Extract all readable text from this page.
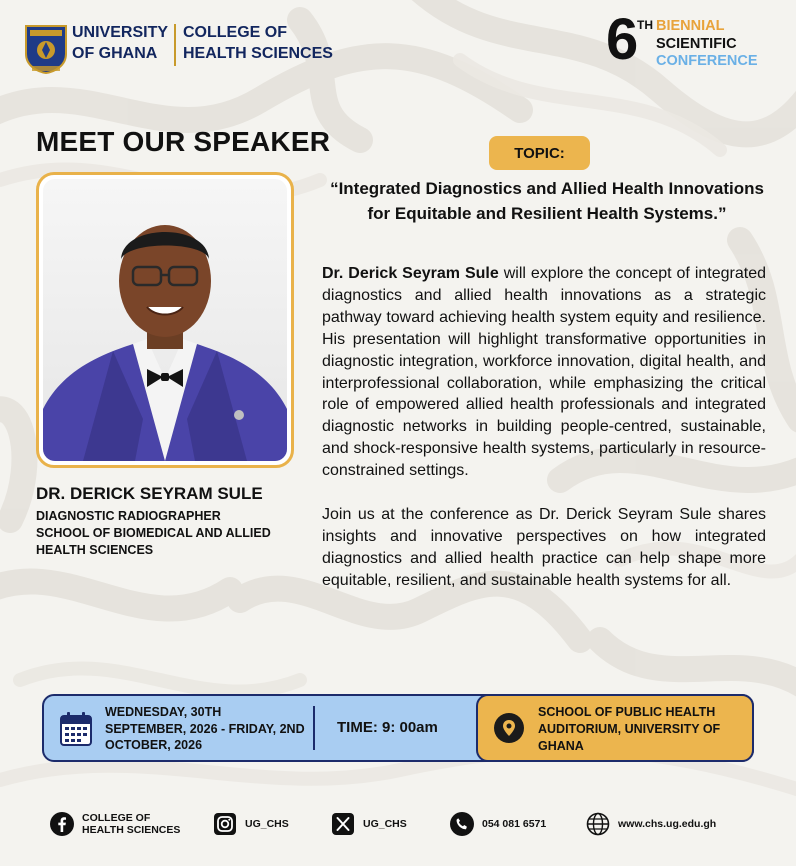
UNIVERSITY
OF GHANA
COLLEGE OF
HEALTH SCIENCES	6
TH BIENNIAL
SCIENTIFIC
CONFERENCE
MEET OUR SPEAKER
DR. DERICK SEYRAM SULE
DIAGNOSTIC RADIOGRAPHER
SCHOOL OF BIOMEDICAL AND ALLIED HEALTH SCIENCES
TOPIC:
“Integrated Diagnostics and Allied Health Innovations for Equitable and Resilient Health Systems.”

Dr. Derick Seyram Sule will explore the concept of integrated diagnostics and allied health innovations as a strategic pathway toward achieving health system equity and resilience. His presentation will highlight transformative opportunities in diagnostic integration, workforce innovation, digital health, and interprofessional collaboration, while emphasizing the critical role of empowered allied health professionals and integrated diagnostic networks in building people-centred, sustainable, and shock-responsive health systems, particularly in resource-constrained settings.

Join us at the conference as Dr. Derick Seyram Sule shares insights and innovative perspectives on how integrated diagnostics and allied health practice can help shape more equitable, resilient, and sustainable health systems for all.

WEDNESDAY, 30TH SEPTEMBER, 2026 - FRIDAY, 2ND OCTOBER, 2026
TIME: 9: 00am
SCHOOL OF PUBLIC HEALTH AUDITORIUM, UNIVERSITY OF GHANA
COLLEGE OF
HEALTH SCIENCES	UG_CHS	UG_CHS	054 081 6571	www.chs.ug.edu.gh
